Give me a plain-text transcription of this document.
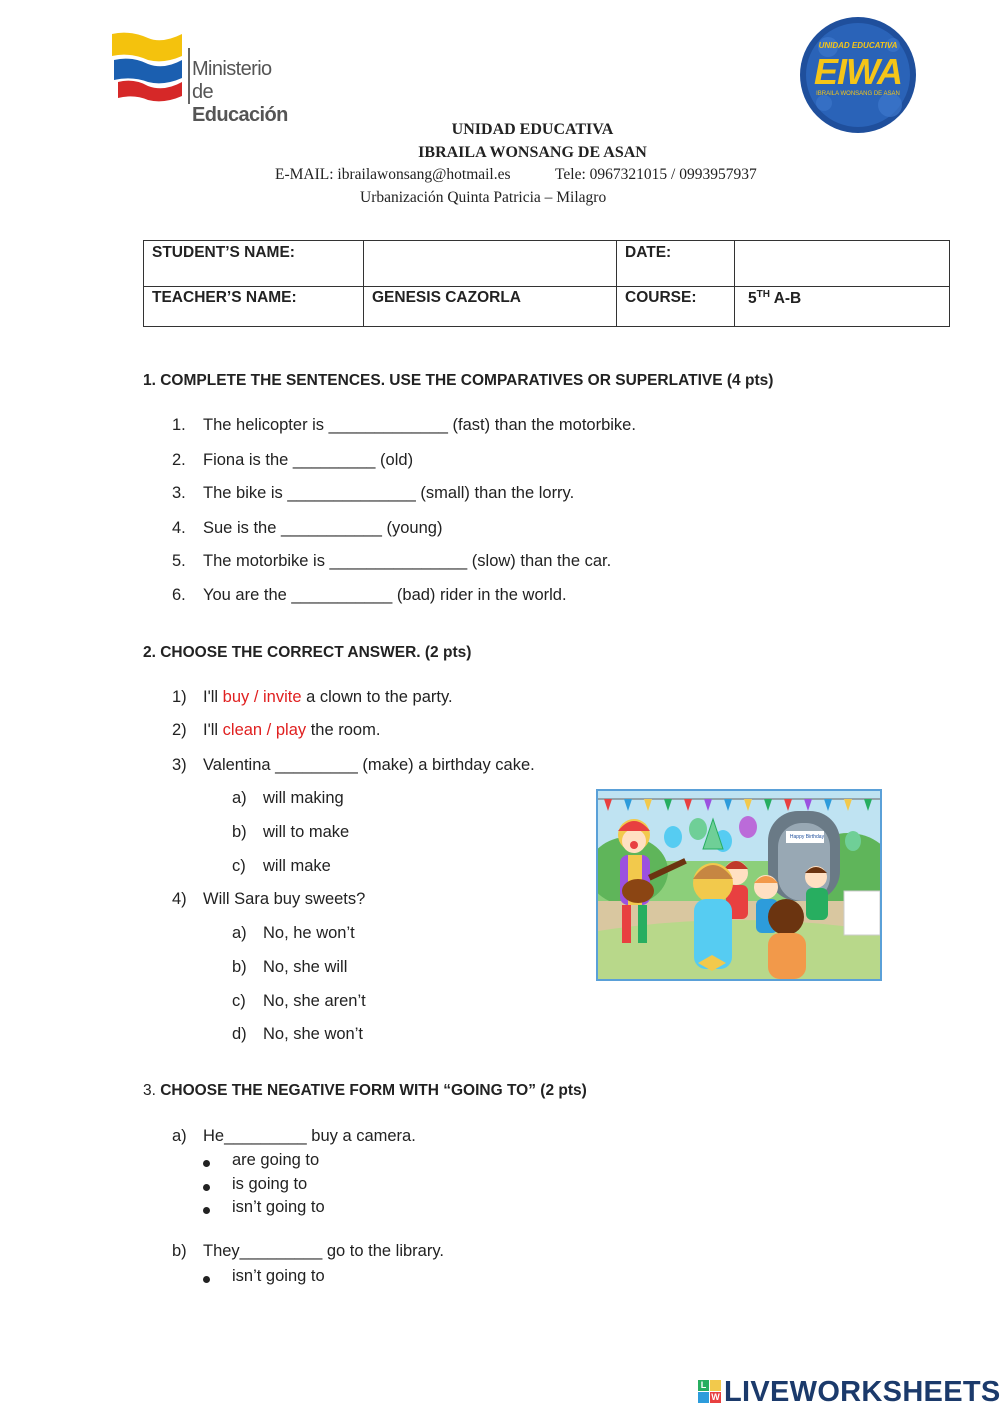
Ministerio
de Educación
UNIDAD EDUCATIVA
EIWA
IBRAILA WONSANG DE ASAN
UNIDAD EDUCATIVA
IBRAILA WONSANG DE ASAN
E-MAIL: ibrailawonsang@hotmail.es	Tele: 0967321015 / 0993957937
Urbanización Quinta Patricia – Milagro
STUDENT’S NAME:		DATE:	
TEACHER’S NAME:	GENESIS CAZORLA	COURSE:	5TH A-B
1. COMPLETE THE SENTENCES. USE THE COMPARATIVES OR SUPERLATIVE (4 pts)
1. The helicopter is _____________ (fast) than the motorbike.
2. Fiona is the _________ (old)
3. The bike is ______________ (small) than the lorry.
4. Sue is the ___________ (young)
5. The motorbike is _______________ (slow) than the car.
6. You are the ___________ (bad) rider in the world.
2. CHOOSE THE CORRECT ANSWER. (2 pts)
1) I'll buy / invite a clown to the party.
2) I'll clean / play the room.
3) Valentina _________ (make) a birthday cake.
a) will making
b) will to make
c) will make
4) Will Sara buy sweets?
a) No, he won’t
b) No, she will
c) No, she aren’t
d) No, she won’t
Happy Birthday
3. CHOOSE THE NEGATIVE FORM WITH “GOING TO” (2 pts)
a) He_________ buy a camera.
are going to
is going to
isn’t going to
b) They_________ go to the library.
isn’t going to
L
W LIVEWORKSHEETS
